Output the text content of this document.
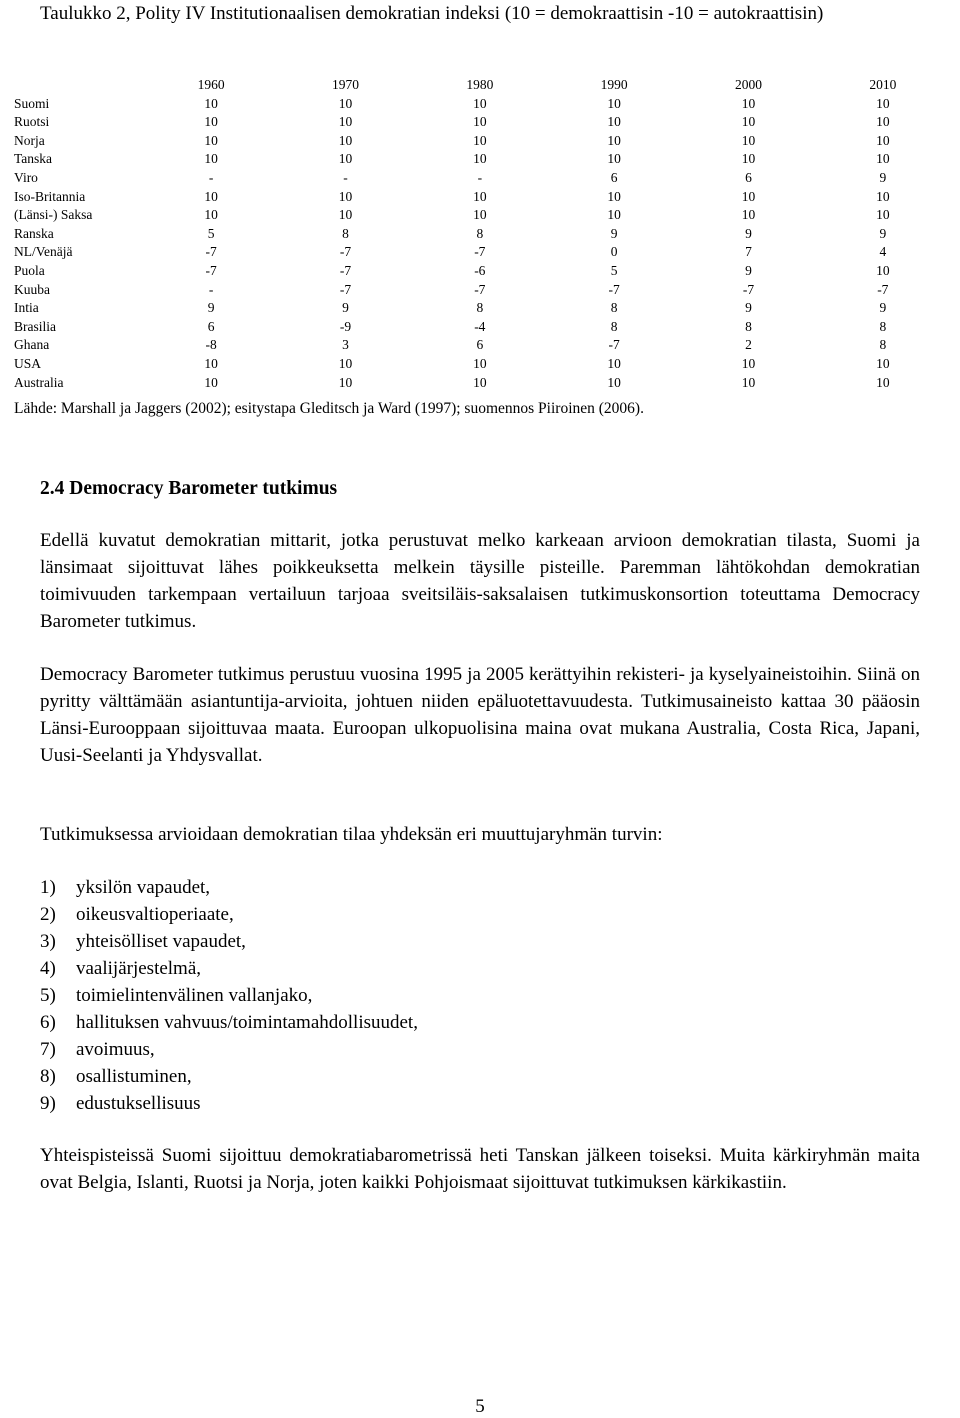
Taulukko 2, Polity IV Institutionaalisen demokratian indeksi (10 = demokraattisin -10 = autokraattisin)
	1960	1970	1980	1990	2000	2010
Suomi	10	10	10	10	10	10
Ruotsi	10	10	10	10	10	10
Norja	10	10	10	10	10	10
Tanska	10	10	10	10	10	10
Viro	-	-	-	6	6	9
Iso-Britannia	10	10	10	10	10	10
(Länsi-) Saksa	10	10	10	10	10	10
Ranska	5	8	8	9	9	9
NL/Venäjä	-7	-7	-7	0	7	4
Puola	-7	-7	-6	5	9	10
Kuuba	-	-7	-7	-7	-7	-7
Intia	9	9	8	8	9	9
Brasilia	6	-9	-4	8	8	8
Ghana	-8	3	6	-7	2	8
USA	10	10	10	10	10	10
Australia	10	10	10	10	10	10
Lähde: Marshall ja Jaggers (2002); esitystapa Gleditsch ja Ward (1997); suomennos Piiroinen (2006).
2.4 Democracy Barometer tutkimus

Edellä kuvatut demokratian mittarit, jotka perustuvat melko karkeaan arvioon demokratian tilasta, Suomi ja länsimaat sijoittuvat lähes poikkeuksetta melkein täysille pisteille. Paremman lähtökohdan demokratian toimivuuden tarkempaan vertailuun tarjoaa sveitsiläis-saksalaisen tutkimuskonsortion toteuttama Democracy Barometer tutkimus.

Democracy Barometer tutkimus perustuu vuosina 1995 ja 2005 kerättyihin rekisteri- ja kyselyaineistoihin. Siinä on pyritty välttämään asiantuntija-arvioita, johtuen niiden epäluotettavuudesta. Tutkimusaineisto kattaa 30 pääosin Länsi-Eurooppaan sijoittuvaa maata. Euroopan ulkopuolisina maina ovat mukana Australia, Costa Rica, Japani, Uusi-Seelanti ja Yhdysvallat.

Tutkimuksessa arvioidaan demokratian tilaa yhdeksän eri muuttujaryhmän turvin:

1)	yksilön vapaudet,
2)	oikeusvaltioperiaate,
3)	yhteisölliset vapaudet,
4)	vaalijärjestelmä,
5)	toimielintenvälinen vallanjako,
6)	hallituksen vahvuus/toimintamahdollisuudet,
7)	avoimuus,
8)	osallistuminen,
9)	edustuksellisuus

Yhteispisteissä Suomi sijoittuu demokratiabarometrissä heti Tanskan jälkeen toiseksi. Muita kärkiryhmän maita ovat Belgia, Islanti, Ruotsi ja Norja, joten kaikki Pohjoismaat sijoittuvat tutkimuksen kärkikastiin.

5
